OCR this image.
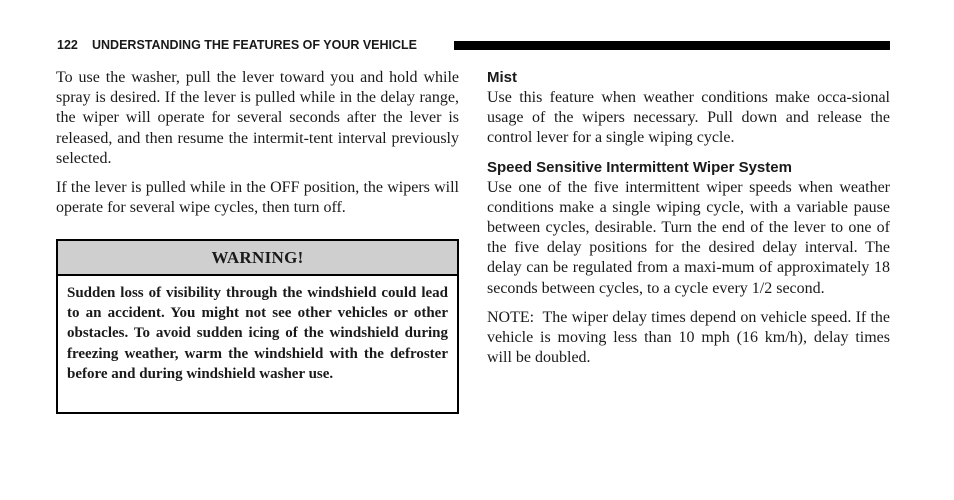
122 UNDERSTANDING THE FEATURES OF YOUR VEHICLE

To use the washer, pull the lever toward you and hold while spray is desired. If the lever is pulled while in the delay range, the wiper will operate for several seconds after the lever is released, and then resume the intermit-tent interval previously selected.

If the lever is pulled while in the OFF position, the wipers will operate for several wipe cycles, then turn off.

WARNING!
Sudden loss of visibility through the windshield could lead to an accident. You might not see other vehicles or other obstacles. To avoid sudden icing of the windshield during freezing weather, warm the windshield with the defroster before and during windshield washer use.
Mist

Use this feature when weather conditions make occa-sional usage of the wipers necessary. Pull down and release the control lever for a single wiping cycle.

Speed Sensitive Intermittent Wiper System

Use one of the five intermittent wiper speeds when weather conditions make a single wiping cycle, with a variable pause between cycles, desirable. Turn the end of the lever to one of the five delay positions for the desired delay interval. The delay can be regulated from a maxi-mum of approximately 18 seconds between cycles, to a cycle every 1/2 second.

NOTE: The wiper delay times depend on vehicle speed. If the vehicle is moving less than 10 mph (16 km/h), delay times will be doubled.
